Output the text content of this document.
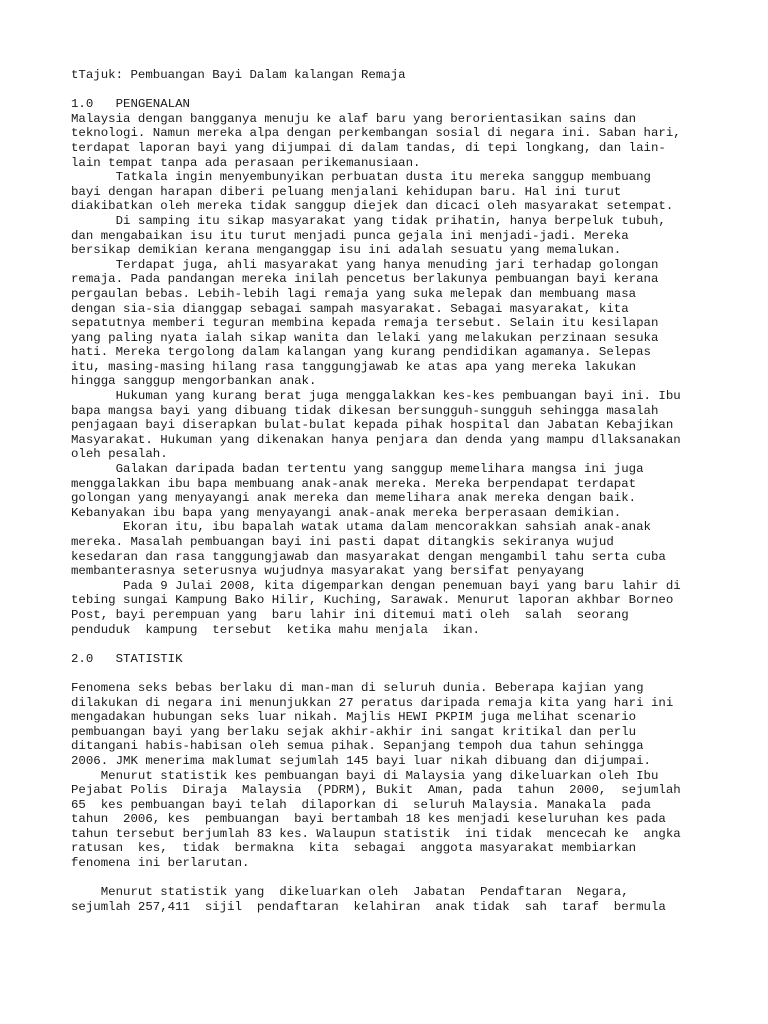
tTajuk: Pembuangan Bayi Dalam kalangan Remaja
1.0   PENGENALAN
Malaysia dengan bangganya menuju ke alaf baru yang berorientasikan sains dan
teknologi. Namun mereka alpa dengan perkembangan sosial di negara ini. Saban hari,
terdapat laporan bayi yang dijumpai di dalam tandas, di tepi longkang, dan lain-
lain tempat tanpa ada perasaan perikemanusiaan.
Tatkala ingin menyembunyikan perbuatan dusta itu mereka sanggup membuang
bayi dengan harapan diberi peluang menjalani kehidupan baru. Hal ini turut
diakibatkan oleh mereka tidak sanggup diejek dan dicaci oleh masyarakat setempat.
Di samping itu sikap masyarakat yang tidak prihatin, hanya berpeluk tubuh,
dan mengabaikan isu itu turut menjadi punca gejala ini menjadi-jadi. Mereka
bersikap demikian kerana menganggap isu ini adalah sesuatu yang memalukan.
Terdapat juga, ahli masyarakat yang hanya menuding jari terhadap golongan
remaja. Pada pandangan mereka inilah pencetus berlakunya pembuangan bayi kerana
pergaulan bebas. Lebih-lebih lagi remaja yang suka melepak dan membuang masa
dengan sia-sia dianggap sebagai sampah masyarakat. Sebagai masyarakat, kita
sepatutnya memberi teguran membina kepada remaja tersebut. Selain itu kesilapan
yang paling nyata ialah sikap wanita dan lelaki yang melakukan perzinaan sesuka
hati. Mereka tergolong dalam kalangan yang kurang pendidikan agamanya. Selepas
itu, masing-masing hilang rasa tanggungjawab ke atas apa yang mereka lakukan
hingga sanggup mengorbankan anak.
Hukuman yang kurang berat juga menggalakkan kes-kes pembuangan bayi ini. Ibu
bapa mangsa bayi yang dibuang tidak dikesan bersungguh-sungguh sehingga masalah
penjagaan bayi diserapkan bulat-bulat kepada pihak hospital dan Jabatan Kebajikan
Masyarakat. Hukuman yang dikenakan hanya penjara dan denda yang mampu dllaksanakan
oleh pesalah.
Galakan daripada badan tertentu yang sanggup memelihara mangsa ini juga
menggalakkan ibu bapa membuang anak-anak mereka. Mereka berpendapat terdapat
golongan yang menyayangi anak mereka dan memelihara anak mereka dengan baik.
Kebanyakan ibu bapa yang menyayangi anak-anak mereka berperasaan demikian.
Ekoran itu, ibu bapalah watak utama dalam mencorakkan sahsiah anak-anak
mereka. Masalah pembuangan bayi ini pasti dapat ditangkis sekiranya wujud
kesedaran dan rasa tanggungjawab dan masyarakat dengan mengambil tahu serta cuba
membanterasnya seterusnya wujudnya masyarakat yang bersifat penyayang
Pada 9 Julai 2008, kita digemparkan dengan penemuan bayi yang baru lahir di
tebing sungai Kampung Bako Hilir, Kuching, Sarawak. Menurut laporan akhbar Borneo
Post, bayi perempuan yang  baru lahir ini ditemui mati oleh  salah  seorang
penduduk  kampung  tersebut  ketika mahu menjala  ikan.
2.0   STATISTIK
Fenomena seks bebas berlaku di man-man di seluruh dunia. Beberapa kajian yang
dilakukan di negara ini menunjukkan 27 peratus daripada remaja kita yang hari ini
mengadakan hubungan seks luar nikah. Majlis HEWI PKPIM juga melihat scenario
pembuangan bayi yang berlaku sejak akhir-akhir ini sangat kritikal dan perlu
ditangani habis-habisan oleh semua pihak. Sepanjang tempoh dua tahun sehingga
2006. JMK menerima maklumat sejumlah 145 bayi luar nikah dibuang dan dijumpai.
Menurut statistik kes pembuangan bayi di Malaysia yang dikeluarkan oleh Ibu
Pejabat Polis  Diraja  Malaysia  (PDRM), Bukit  Aman, pada  tahun  2000,  sejumlah
65  kes pembuangan bayi telah  dilaporkan di  seluruh Malaysia. Manakala  pada
tahun  2006, kes  pembuangan  bayi bertambah 18 kes menjadi keseluruhan kes pada
tahun tersebut berjumlah 83 kes. Walaupun statistik  ini tidak  mencecah ke  angka
ratusan  kes,  tidak  bermakna  kita  sebagai  anggota masyarakat membiarkan
fenomena ini berlarutan.
Menurut statistik yang  dikeluarkan oleh  Jabatan  Pendaftaran  Negara,
sejumlah 257,411  sijil  pendaftaran  kelahiran  anak tidak  sah  taraf  bermula
